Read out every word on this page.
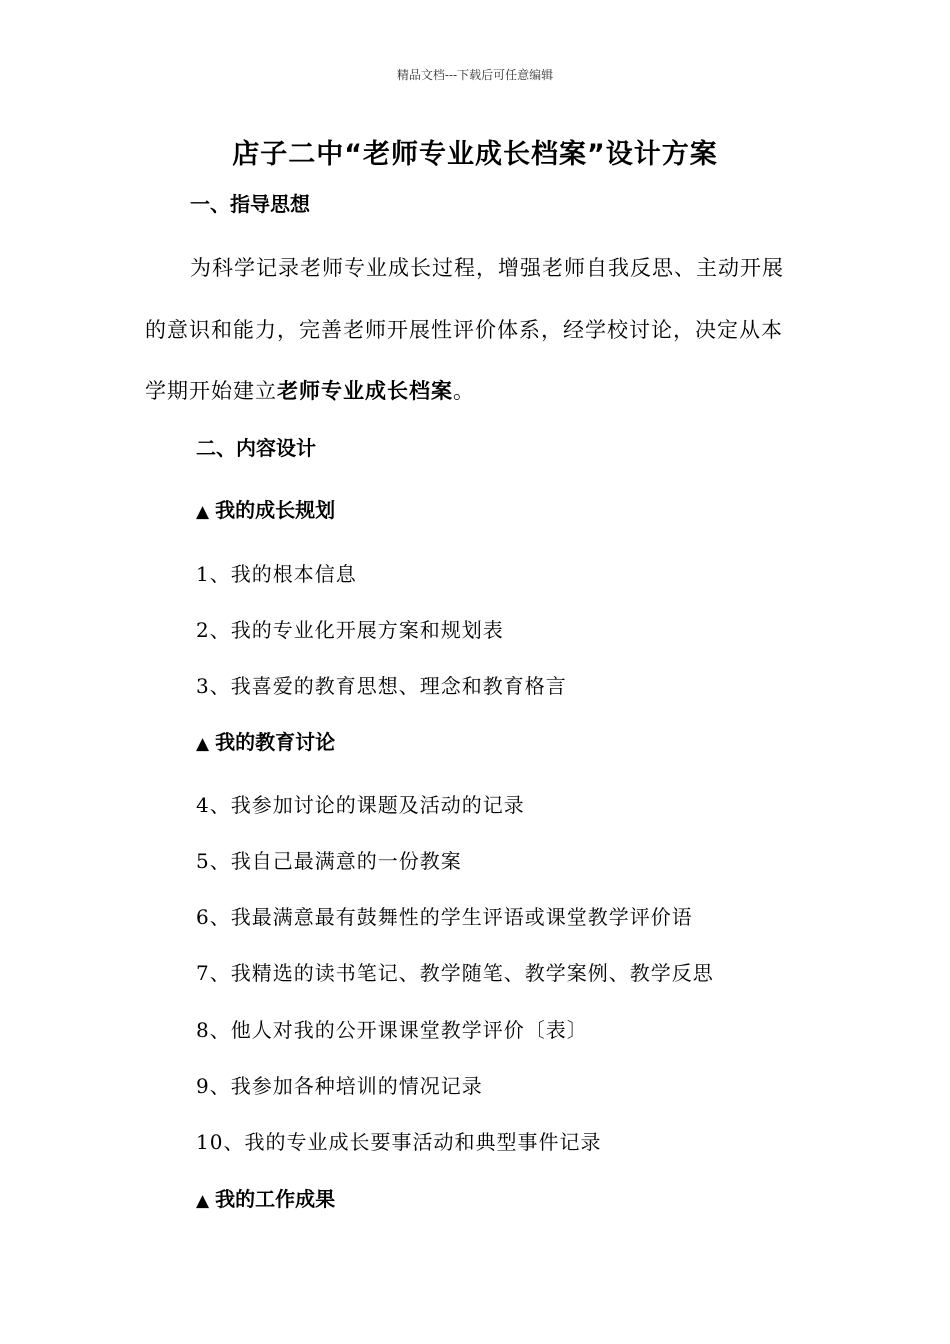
精品文档---下载后可任意编辑
店子二中“老师专业成长档案”设计方案
一、指导思想
为科学记录老师专业成长过程，增强老师自我反思、主动开展
的意识和能力，完善老师开展性评价体系，经学校讨论，决定从本
学期开始建立老师专业成长档案。
二、内容设计
▲ 我的成长规划
1、我的根本信息
2、我的专业化开展方案和规划表
3、我喜爱的教育思想、理念和教育格言
▲ 我的教育讨论
4、我参加讨论的课题及活动的记录
5、我自己最满意的一份教案
6、我最满意最有鼓舞性的学生评语或课堂教学评价语
7、我精选的读书笔记、教学随笔、教学案例、教学反思
8、他人对我的公开课课堂教学评价〔表〕
9、我参加各种培训的情况记录
10、我的专业成长要事活动和典型事件记录
▲ 我的工作成果
